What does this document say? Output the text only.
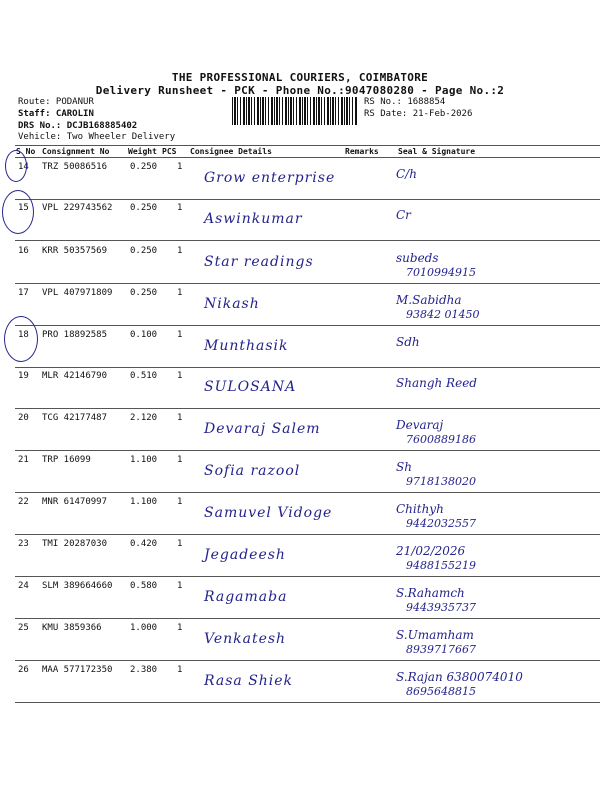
THE PROFESSIONAL COURIERS, COIMBATORE
Delivery Runsheet - PCK - Phone No.:9047080280 - Page No.:2
Route: PODANUR
Staff: CAROLIN
DRS No.: DCJB168885402
Vehicle: Two Wheeler Delivery
RS No.: 1688854
RS Date: 21-Feb-2026
S No Consignment No Weight PCS Consignee Details	Remarks Seal & Signature
14 TRZ 50086516	0.250 1
Grow enterprise	C/h
15 VPL 229743562 0.250 1
Aswinkumar	Cr
16 KRR 50357569	0.250 1
Star readings	subeds
7010994915
17 VPL 407971809 0.250 1
Nikash	M.Sabidha
93842 01450
18 PRO 18892585	0.100 1
Munthasik	Sdh
19 MLR 42146790	0.510 1
SULOSANA	Shangh Reed
20 TCG 42177487	2.120 1
Devaraj Salem	Devaraj
7600889186
21 TRP 16099	1.100 1
Sofia razool	Sh
9718138020
22 MNR 61470997	1.100 1
Samuvel Vidoge	Chithyh
9442032557
23 TMI 20287030	0.420 1
Jegadeesh	21/02/2026
9488155219
24 SLM 389664660 0.580 1
Ragamaba	S.Rahamch
9443935737
25 KMU 3859366	1.000 1
Venkatesh	S.Umamham
8939717667
26 MAA 577172350 2.380 1
Rasa Shiek	S.Rajan 6380074010
8695648815
